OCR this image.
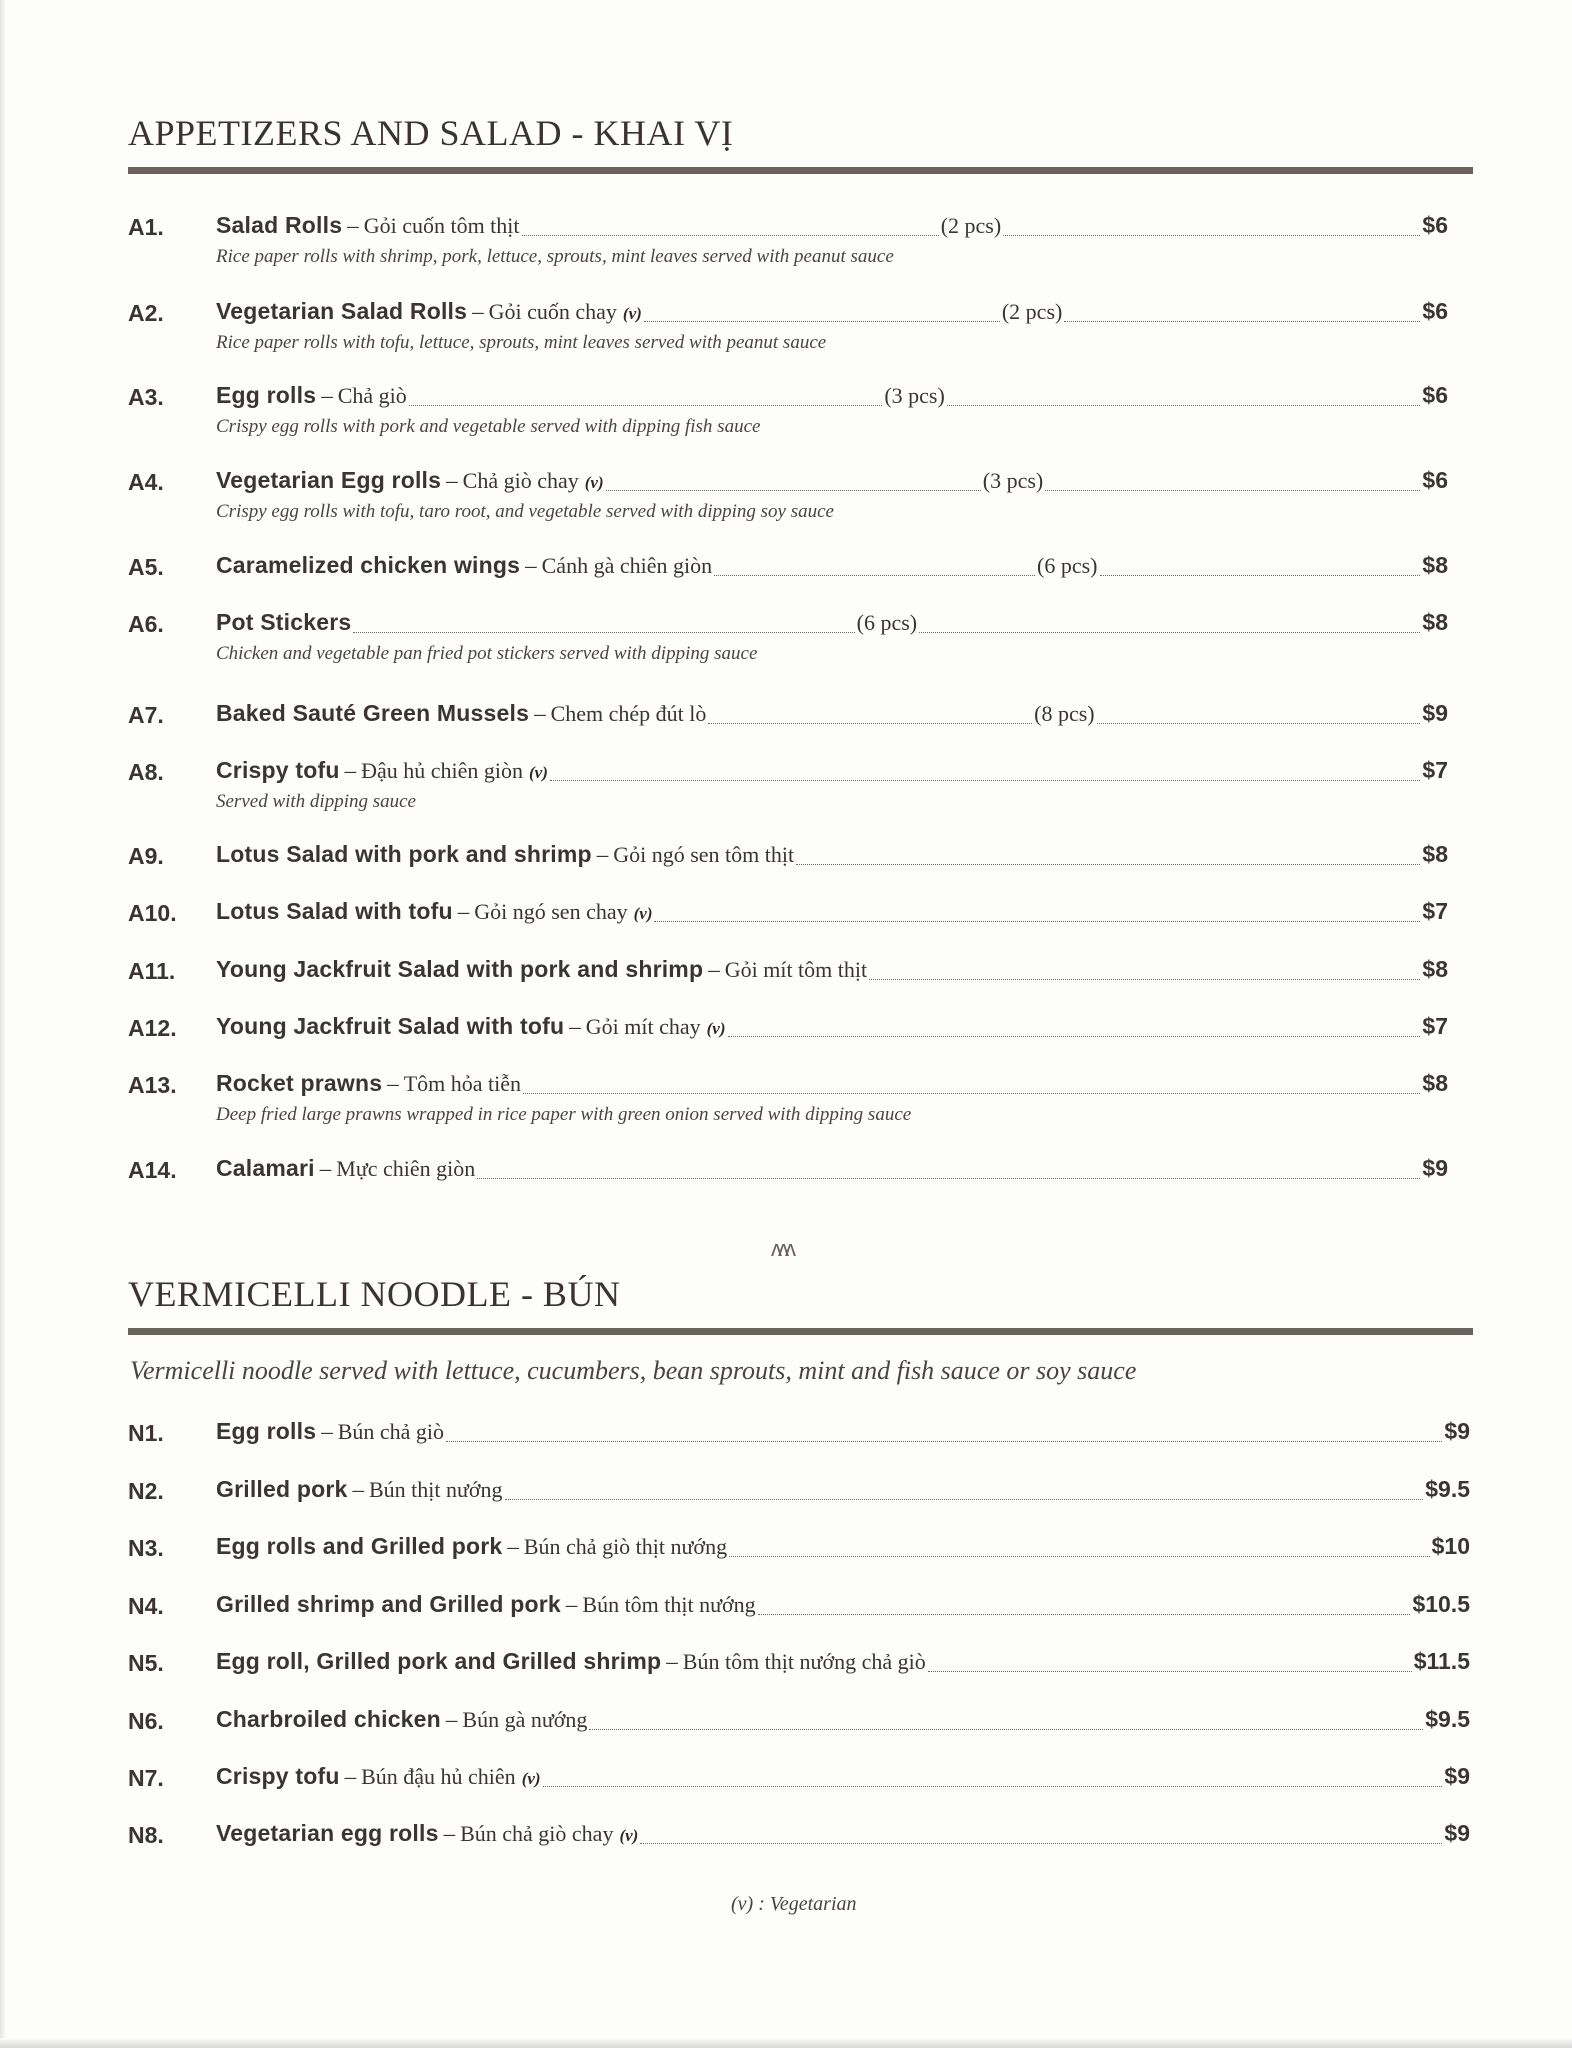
APPETIZERS AND SALAD - KHAI VỊ
A1. Salad Rolls – Gỏi cuốn tôm thịt	(2 pcs)	$6
Rice paper rolls with shrimp, pork, lettuce, sprouts, mint leaves served with peanut sauce
A2. Vegetarian Salad Rolls – Gỏi cuốn chay (v)	(2 pcs)	$6
Rice paper rolls with tofu, lettuce, sprouts, mint leaves served with peanut sauce
A3. Egg rolls – Chả giò	(3 pcs)	$6
Crispy egg rolls with pork and vegetable served with dipping fish sauce
A4. Vegetarian Egg rolls – Chả giò chay (v)	(3 pcs)	$6
Crispy egg rolls with tofu, taro root, and vegetable served with dipping soy sauce
A5. Caramelized chicken wings – Cánh gà chiên giòn	(6 pcs)	$8
A6. Pot Stickers	(6 pcs)	$8
Chicken and vegetable pan fried pot stickers served with dipping sauce
A7. Baked Sauté Green Mussels – Chem chép đút lò	(8 pcs)	$9
A8. Crispy tofu – Đậu hủ chiên giòn (v)	$7
Served with dipping sauce
A9. Lotus Salad with pork and shrimp – Gỏi ngó sen tôm thịt	$8
A10. Lotus Salad with tofu – Gỏi ngó sen chay (v)	$7
A11. Young Jackfruit Salad with pork and shrimp – Gỏi mít tôm thịt	$8
A12. Young Jackfruit Salad with tofu – Gỏi mít chay (v)	$7
A13. Rocket prawns – Tôm hỏa tiễn	$8
Deep fried large prawns wrapped in rice paper with green onion served with dipping sauce
A14. Calamari – Mực chiên giòn	$9
ʌʌʌ
VERMICELLI NOODLE - BÚN
Vermicelli noodle served with lettuce, cucumbers, bean sprouts, mint and fish sauce or soy sauce
N1. Egg rolls – Bún chả giò	$9
N2. Grilled pork – Bún thịt nướng	$9.5
N3. Egg rolls and Grilled pork – Bún chả giò thịt nướng	$10
N4. Grilled shrimp and Grilled pork – Bún tôm thịt nướng	$10.5
N5. Egg roll, Grilled pork and Grilled shrimp – Bún tôm thịt nướng chả giò	$11.5
N6. Charbroiled chicken – Bún gà nướng	$9.5
N7. Crispy tofu – Bún đậu hủ chiên (v)	$9
N8. Vegetarian egg rolls – Bún chả giò chay (v)	$9
(v) : Vegetarian
